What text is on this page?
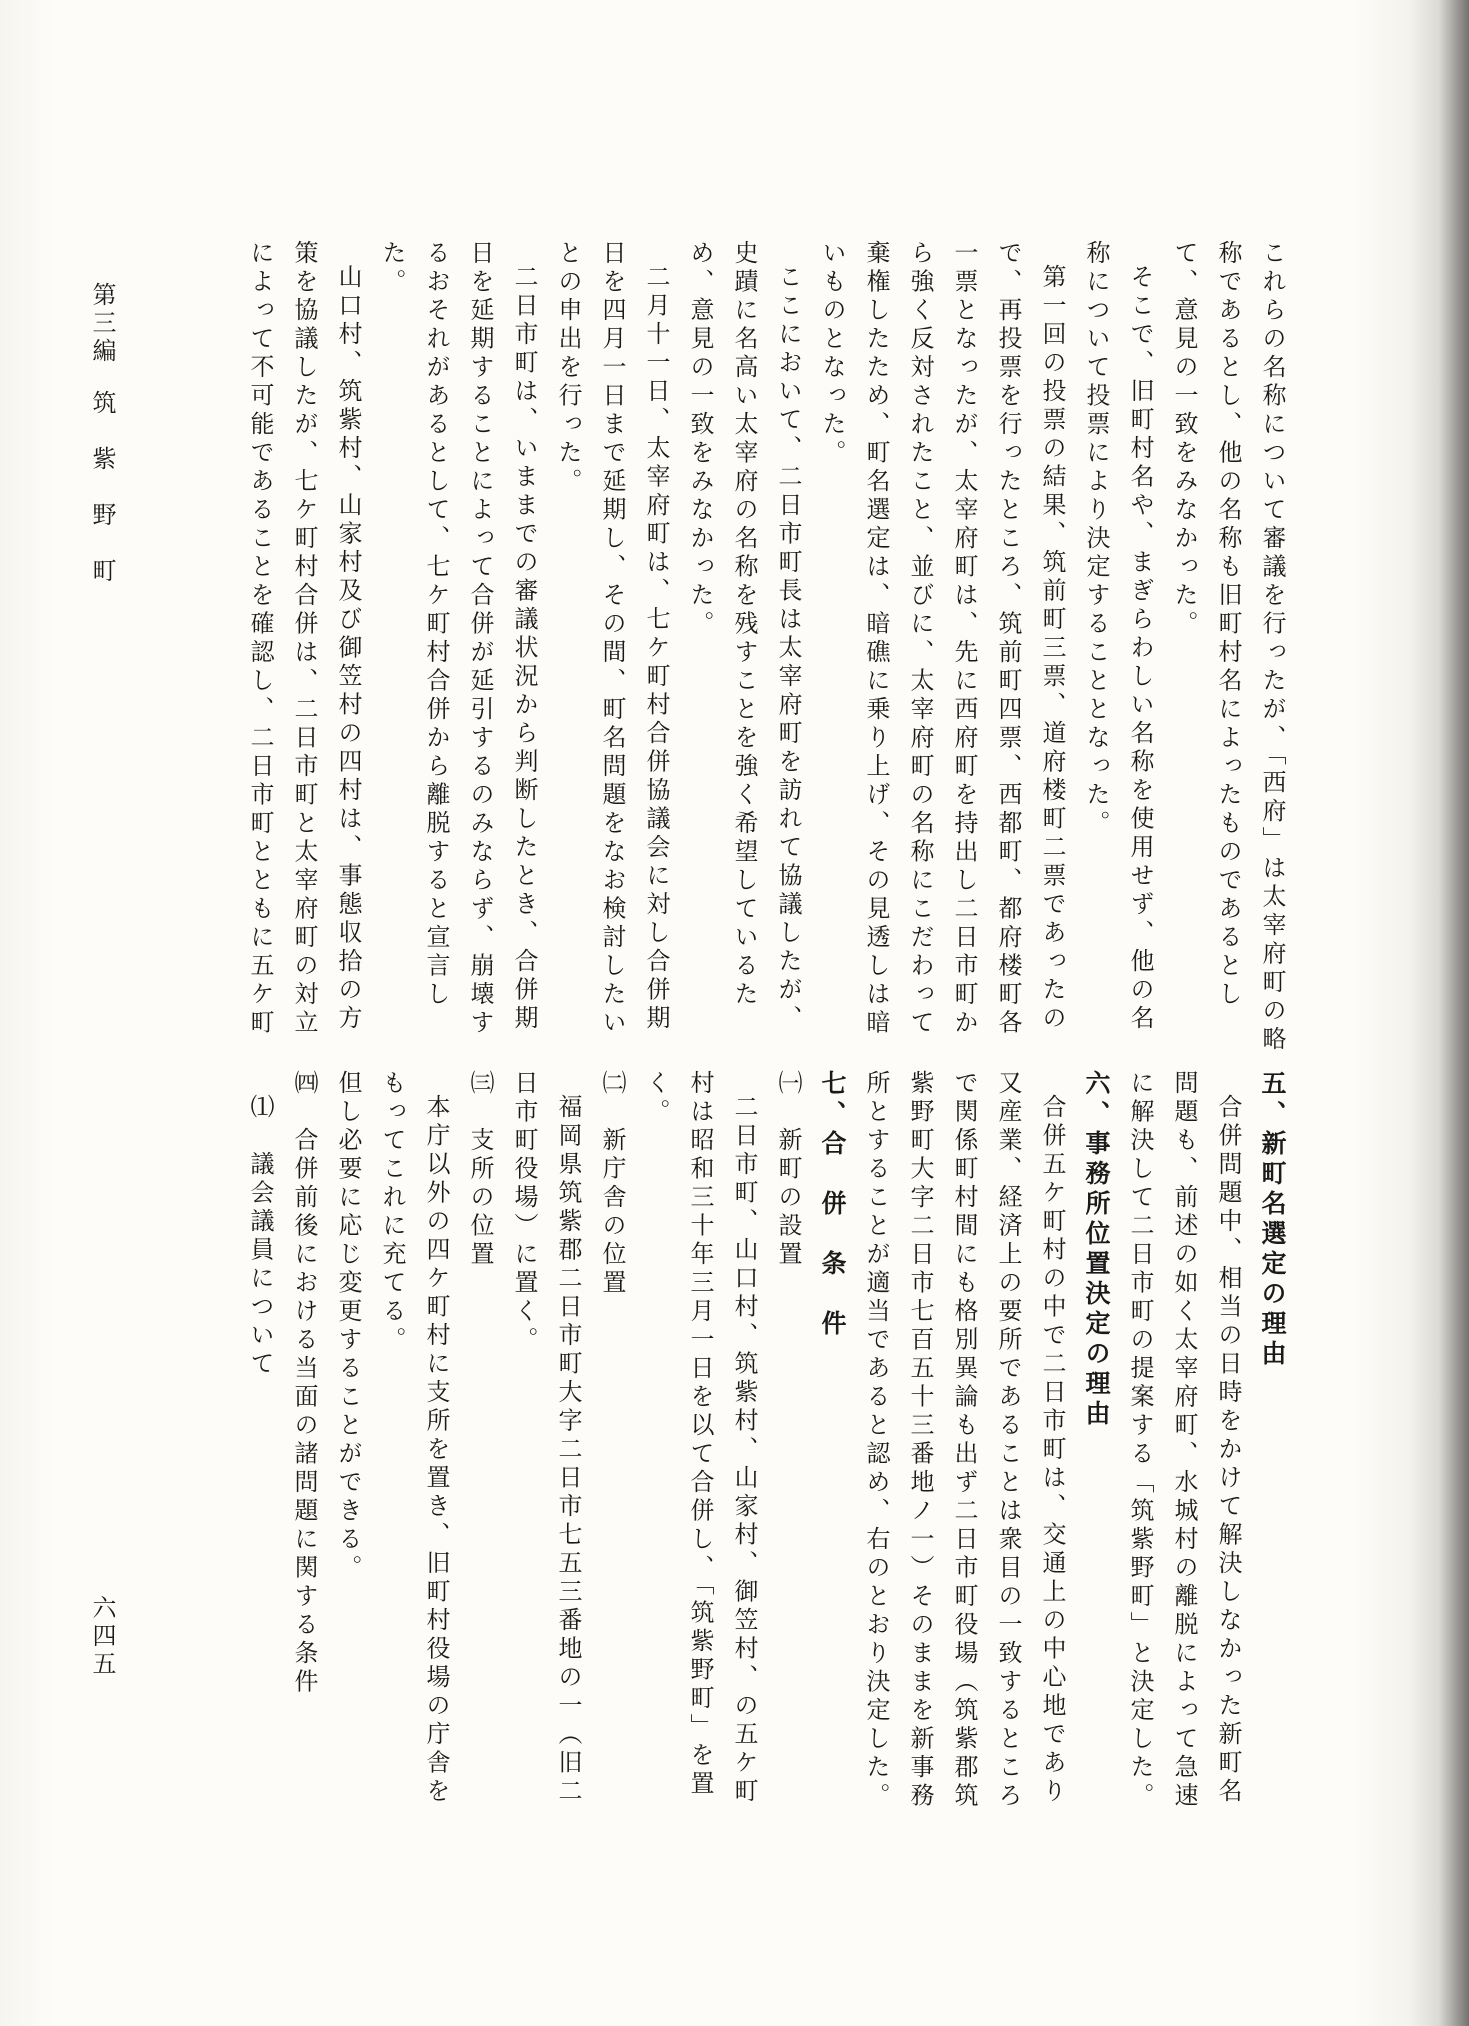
これらの名称について審議を行ったが、「西府」は太宰府町の略称であるとし、他の名称も旧町村名によったものであるとして、意見の一致をみなかった。

そこで、旧町村名や、まぎらわしい名称を使用せず、他の名称について投票により決定することとなった。

第一回の投票の結果、筑前町三票、道府楼町二票であったので、再投票を行ったところ、筑前町四票、西都町、都府楼町各一票となったが、太宰府町は、先に西府町を持出し二日市町から強く反対されたこと、並びに、太宰府町の名称にこだわって棄権したため、町名選定は、暗礁に乗り上げ、その見透しは暗いものとなった。

ここにおいて、二日市町長は太宰府町を訪れて協議したが、史蹟に名高い太宰府の名称を残すことを強く希望しているため、意見の一致をみなかった。

二月十一日、太宰府町は、七ケ町村合併協議会に対し合併期日を四月一日まで延期し、その間、町名問題をなお検討したいとの申出を行った。

二日市町は、いままでの審議状況から判断したとき、合併期日を延期することによって合併が延引するのみならず、崩壊するおそれがあるとして、七ケ町村合併から離脱すると宣言した。

山口村、筑紫村、山家村及び御笠村の四村は、事態収拾の方策を協議したが、七ケ町村合併は、二日市町と太宰府町の対立によって不可能であることを確認し、二日市町とともに五ケ町

五、新町名選定の理由

合併問題中、相当の日時をかけて解決しなかった新町名問題も、前述の如く太宰府町、水城村の離脱によって急速に解決して二日市町の提案する「筑紫野町」と決定した。

六、事務所位置決定の理由

合併五ケ町村の中で二日市町は、交通上の中心地であり又産業、経済上の要所であることは衆目の一致するところで関係町村間にも格別異論も出ず二日市町役場（筑紫郡筑紫野町大字二日市七百五十三番地ノ一）そのままを新事務所とすることが適当であると認め、右のとおり決定した。

七、合　併　条　件

㈠　新町の設置

二日市町、山口村、筑紫村、山家村、御笠村、の五ケ町村は昭和三十年三月一日を以て合併し、「筑紫野町」を置く。

㈡　新庁舎の位置

福岡県筑紫郡二日市町大字二日市七五三番地の一（旧二日市町役場）に置く。

㈢　支所の位置

本庁以外の四ケ町村に支所を置き、旧町村役場の庁舎をもってこれに充てる。

但し必要に応じ変更することができる。

㈣　合併前後における当面の諸問題に関する条件

⑴　議会議員について

第三編　筑　紫　野　町
六四五
